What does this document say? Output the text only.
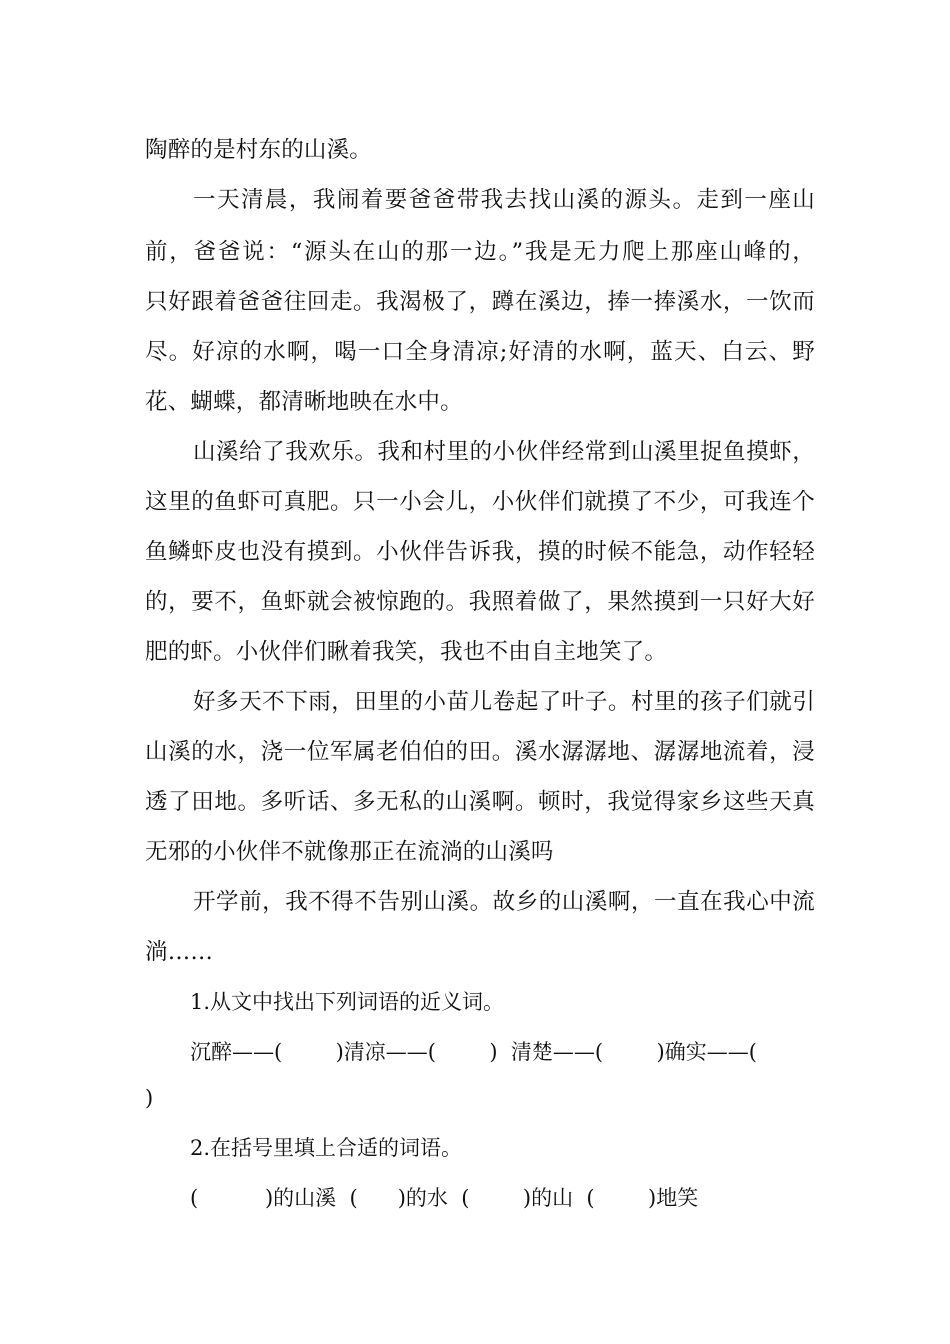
陶醉的是村东的山溪。
一天清晨，我闹着要爸爸带我去找山溪的源头。走到一座山
前，爸爸说：“源头在山的那一边。”我是无力爬上那座山峰的，
只好跟着爸爸往回走。我渴极了，蹲在溪边，捧一捧溪水，一饮而
尽。好凉的水啊，喝一口全身清凉;好清的水啊，蓝天、白云、野
花、蝴蝶，都清晰地映在水中。
山溪给了我欢乐。我和村里的小伙伴经常到山溪里捉鱼摸虾，
这里的鱼虾可真肥。只一小会儿，小伙伴们就摸了不少，可我连个
鱼鳞虾皮也没有摸到。小伙伴告诉我，摸的时候不能急，动作轻轻
的，要不，鱼虾就会被惊跑的。我照着做了，果然摸到一只好大好
肥的虾。小伙伴们瞅着我笑，我也不由自主地笑了。
好多天不下雨，田里的小苗儿卷起了叶子。村里的孩子们就引
山溪的水，浇一位军属老伯伯的田。溪水潺潺地、潺潺地流着，浸
透了田地。多听话、多无私的山溪啊。顿时，我觉得家乡这些天真
无邪的小伙伴不就像那正在流淌的山溪吗
开学前，我不得不告别山溪。故乡的山溪啊，一直在我心中流
淌……
1.从文中找出下列词语的近义词。
沉醉——(        )清凉——(        )  清楚——(        )确实——(
)
2.在括号里填上合适的词语。
(          )的山溪  (      )的水  (        )的山  (        )地笑
